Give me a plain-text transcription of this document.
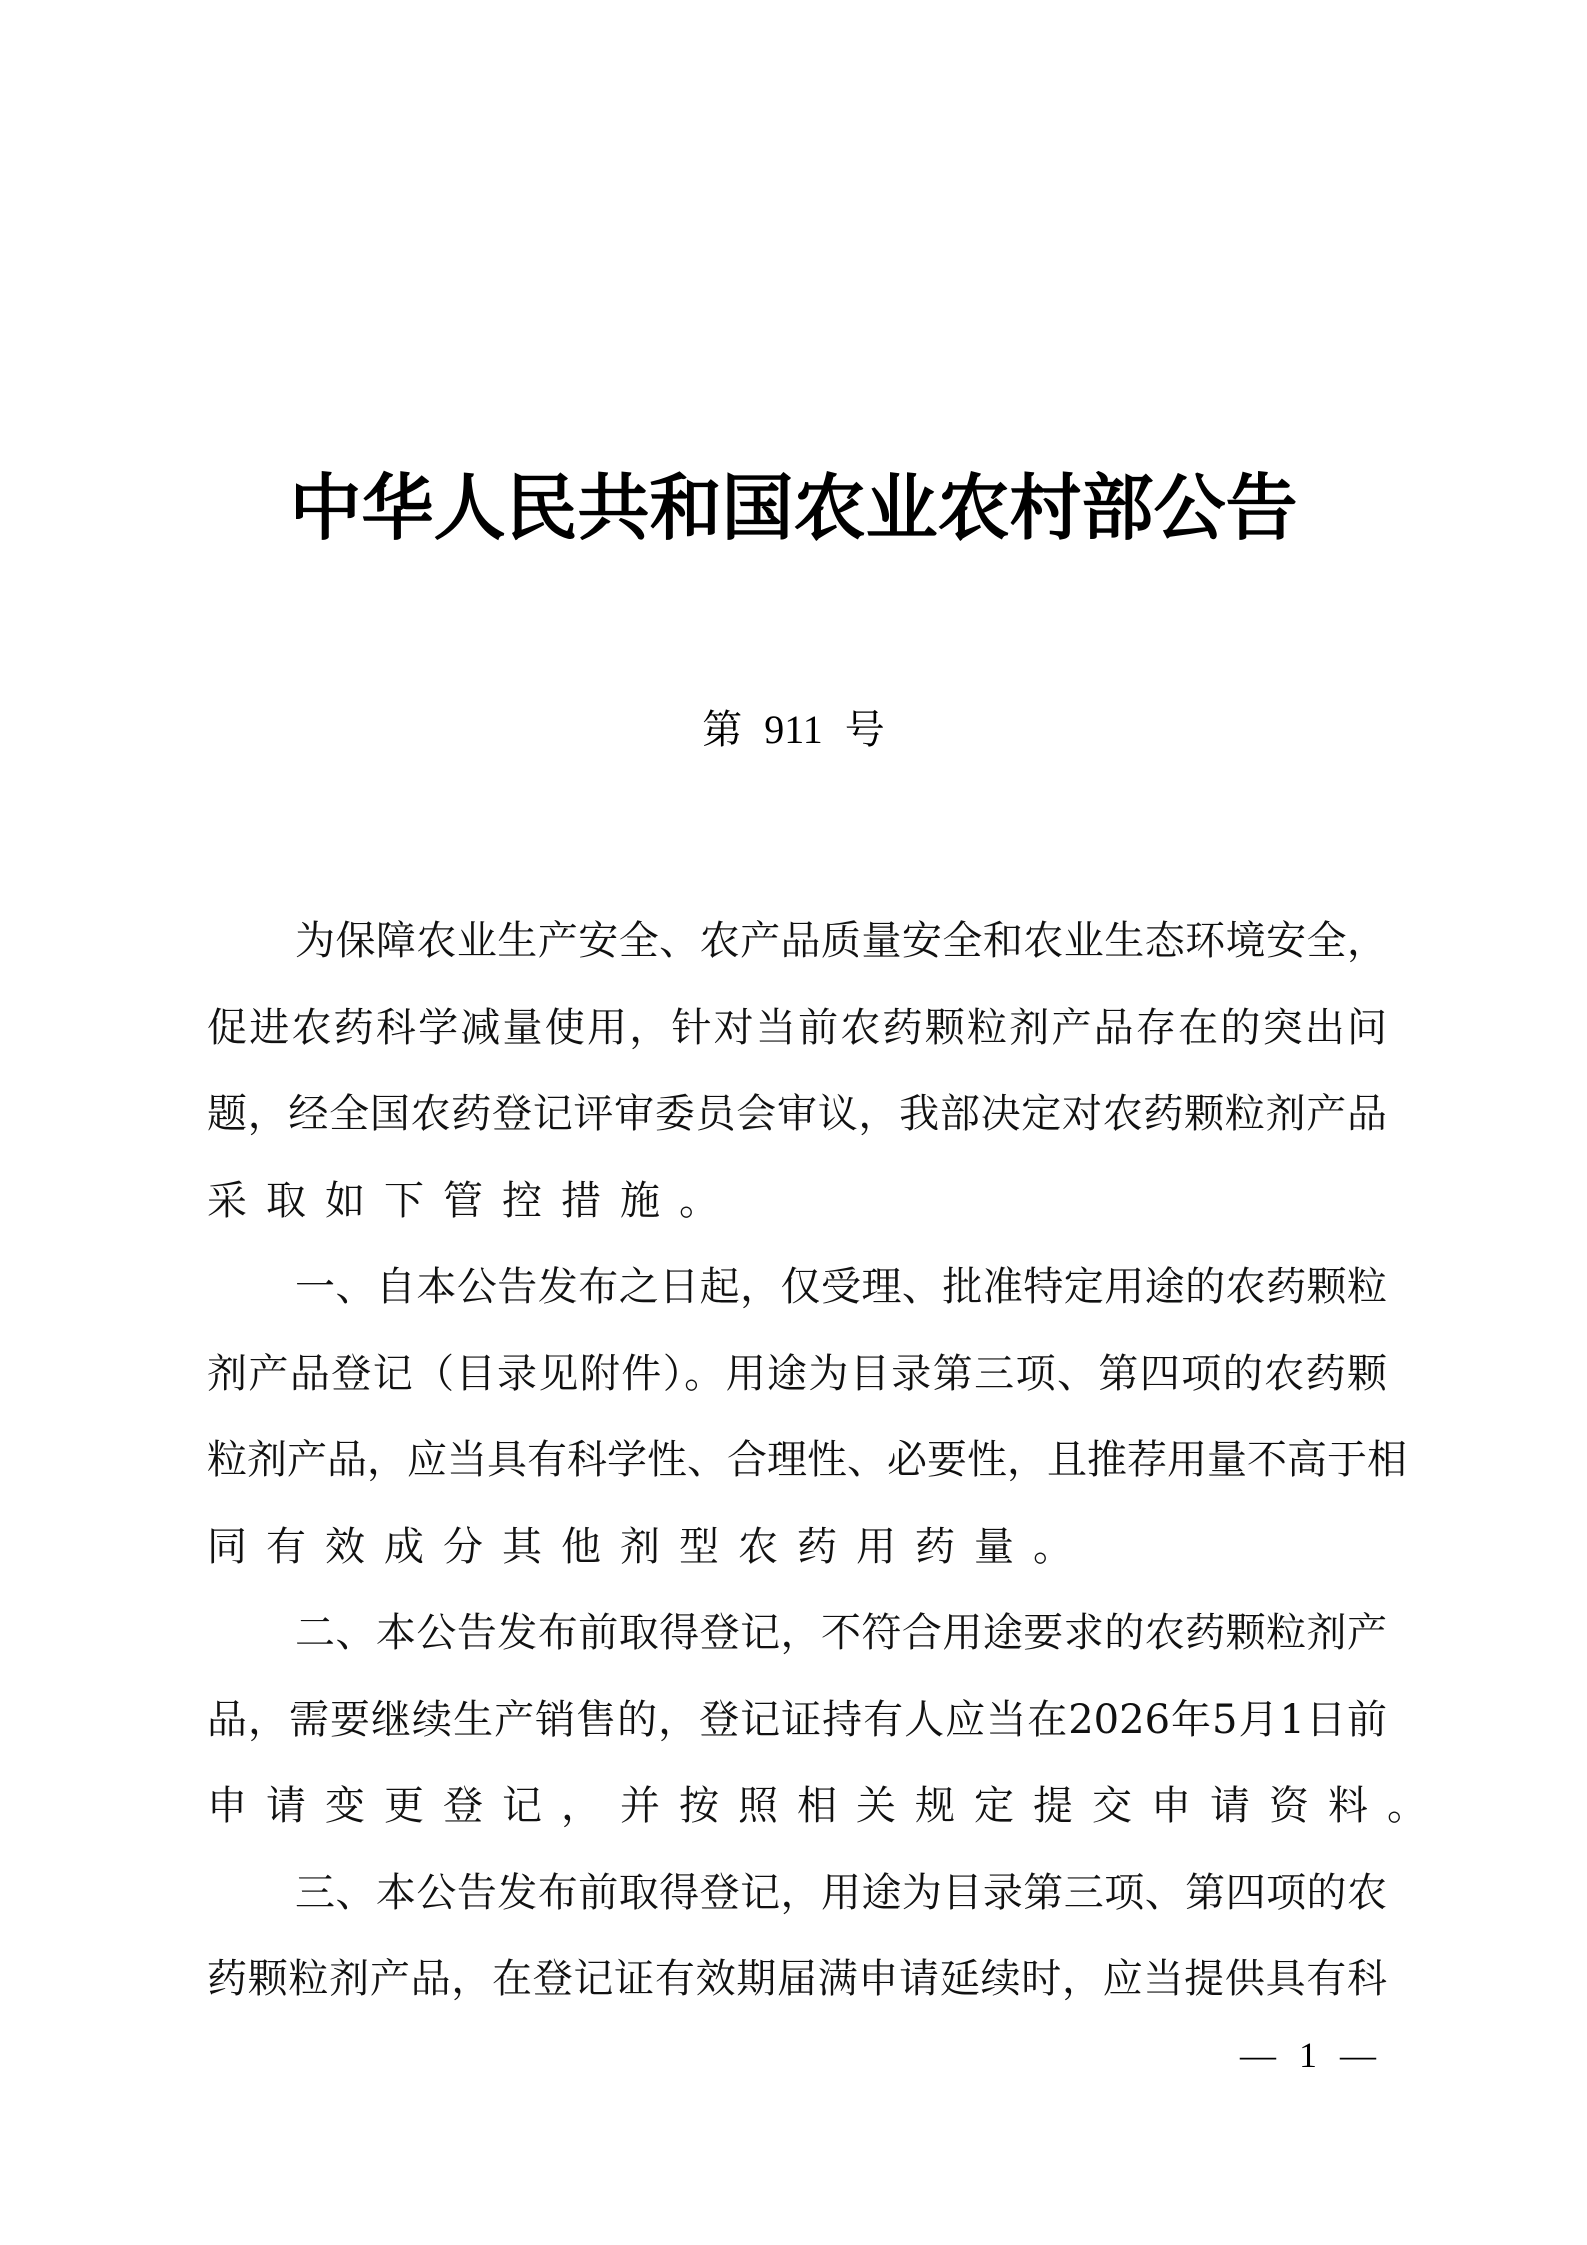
中华人民共和国农业农村部公告
第 911 号
为保障农业生产安全、农产品质量安全和农业生态环境安全，
促进农药科学减量使用，针对当前农药颗粒剂产品存在的突出问
题，经全国农药登记评审委员会审议，我部决定对农药颗粒剂产品
采取如下管控措施。
一、自本公告发布之日起，仅受理、批准特定用途的农药颗粒
剂产品登记（目录见附件）。用途为目录第三项、第四项的农药颗
粒剂产品，应当具有科学性、合理性、必要性，且推荐用量不高于相
同有效成分其他剂型农药用药量。
二、本公告发布前取得登记，不符合用途要求的农药颗粒剂产
品，需要继续生产销售的，登记证持有人应当在2026年5月1日前
申请变更登记，并按照相关规定提交申请资料。
三、本公告发布前取得登记，用途为目录第三项、第四项的农
药颗粒剂产品，在登记证有效期届满申请延续时，应当提供具有科
— 1 —
